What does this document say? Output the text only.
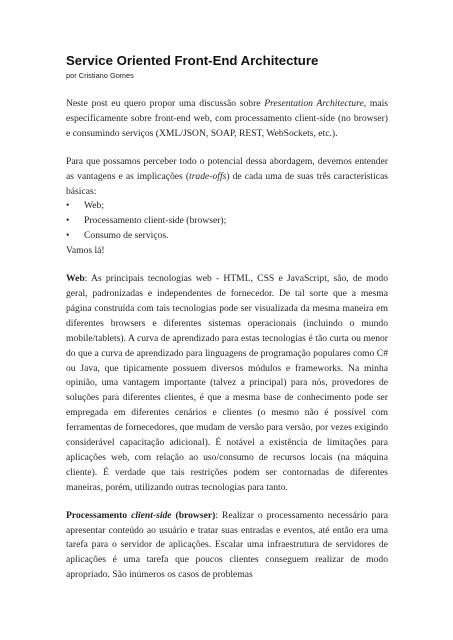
Service Oriented Front-End Architecture
por Cristiano Gomes

Neste post eu quero propor uma discussão sobre Presentation Architecture, mais especificamente sobre front-end web, com processamento client-side (no browser) e consumindo serviços (XML/JSON, SOAP, REST, WebSockets, etc.).

Para que possamos perceber todo o potencial dessa abordagem, devemos entender as vantagens e as implicações (trade-offs) de cada uma de suas três características básicas:

• Web;
• Processamento client-side (browser);
• Consumo de serviços.

Vamos lá!

Web: As principais tecnologias web - HTML, CSS e JavaScript, são, de modo geral, padronizadas e independentes de fornecedor. De tal sorte que a mesma página construída com tais tecnologias pode ser visualizada da mesma maneira em diferentes browsers e diferentes sistemas operacionais (incluindo o mundo mobile/tablets). A curva de aprendizado para estas tecnologias é tão curta ou menor do que a curva de aprendizado para linguagens de programação populares como C# ou Java, que tipicamente possuem diversos módulos e frameworks. Na minha opinião, uma vantagem importante (talvez a principal) para nós, provedores de soluções para diferentes clientes, é que a mesma base de conhecimento pode ser empregada em diferentes cenários e clientes (o mesmo não é possível com ferramentas de fornecedores, que mudam de versão para versão, por vezes exigindo considerável capacitação adicional). É notável a existência de limitações para aplicações web, com relação ao uso/consumo de recursos locais (na máquina cliente). É verdade que tais restrições podem ser contornadas de diferentes maneiras, porém, utilizando outras tecnologias para tanto.

Processamento client-side (browser): Realizar o processamento necessário para apresentar conteúdo ao usuário e tratar suas entradas e eventos, até então era uma tarefa para o servidor de aplicações. Escalar uma infraestrutura de servidores de aplicações é uma tarefa que poucos clientes conseguem realizar de modo apropriado. São inúmeros os casos de problemas
